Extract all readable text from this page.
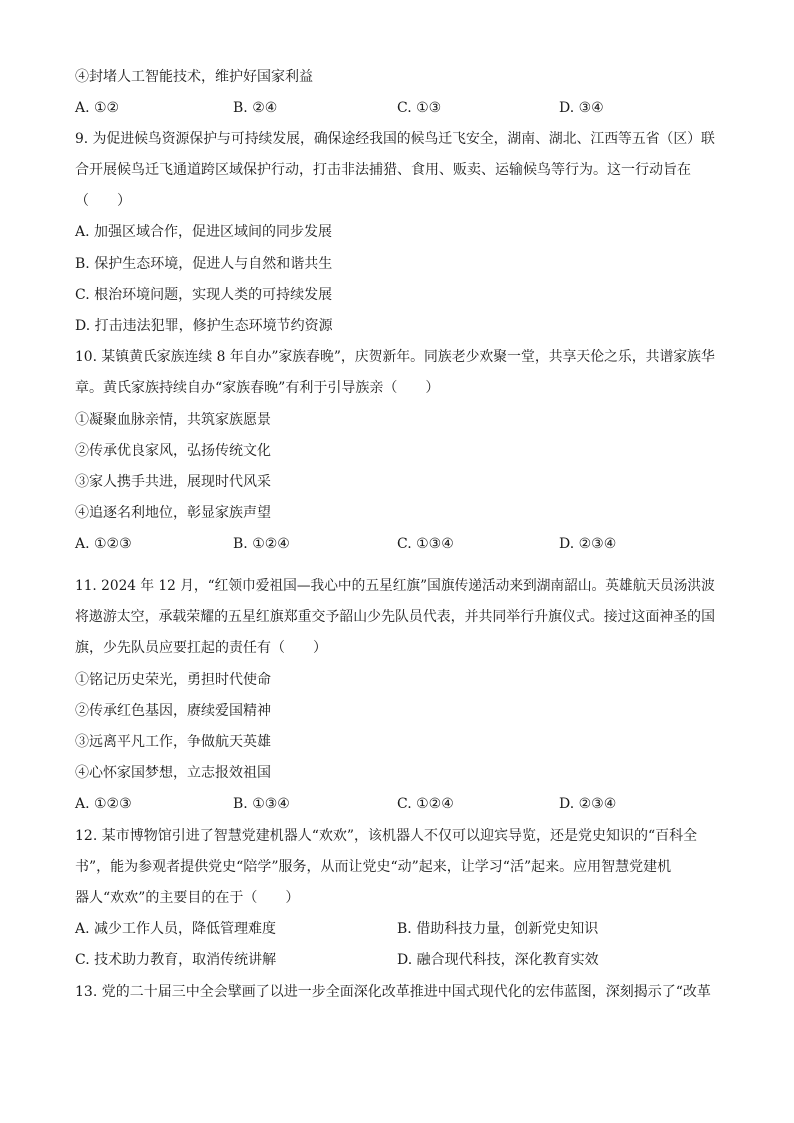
④封堵人工智能技术，维护好国家利益
A. ①②	B. ②④	C. ①③	D. ③④
9. 为促进候鸟资源保护与可持续发展，确保途经我国的候鸟迁飞安全，湖南、湖北、江西等五省（区）联
合开展候鸟迁飞通道跨区域保护行动，打击非法捕猎、食用、贩卖、运输候鸟等行为。这一行动旨在
（　　）
A. 加强区域合作，促进区域间的同步发展
B. 保护生态环境，促进人与自然和谐共生
C. 根治环境问题，实现人类的可持续发展
D. 打击违法犯罪，修护生态环境节约资源
10. 某镇黄氏家族连续 8 年自办”家族春晚”，庆贺新年。同族老少欢聚一堂，共享天伦之乐，共谱家族华
章。黄氏家族持续自办“家族春晚”有利于引导族亲（　　）
①凝聚血脉亲情，共筑家族愿景
②传承优良家风，弘扬传统文化
③家人携手共进，展现时代风采
④追逐名利地位，彰显家族声望
A. ①②③	B. ①②④	C. ①③④	D. ②③④
11. 2024 年 12 月，“红领巾爱祖国—我心中的五星红旗”国旗传递活动来到湖南韶山。英雄航天员汤洪波
将遨游太空，承载荣耀的五星红旗郑重交予韶山少先队员代表，并共同举行升旗仪式。接过这面神圣的国
旗，少先队员应要扛起的责任有（　　）
①铭记历史荣光，勇担时代使命
②传承红色基因，赓续爱国精神
③远离平凡工作，争做航天英雄
④心怀家国梦想，立志报效祖国
A. ①②③	B. ①③④	C. ①②④	D. ②③④
12. 某市博物馆引进了智慧党建机器人“欢欢”，该机器人不仅可以迎宾导览，还是党史知识的“百科全
书”，能为参观者提供党史“陪学”服务，从而让党史“动”起来，让学习“活”起来。应用智慧党建机
器人“欢欢”的主要目的在于（　　）
A. 减少工作人员，降低管理难度	B. 借助科技力量，创新党史知识
C. 技术助力教育，取消传统讲解	D. 融合现代科技，深化教育实效
13. 党的二十届三中全会擘画了以进一步全面深化改革推进中国式现代化的宏伟蓝图，深刻揭示了“改革
